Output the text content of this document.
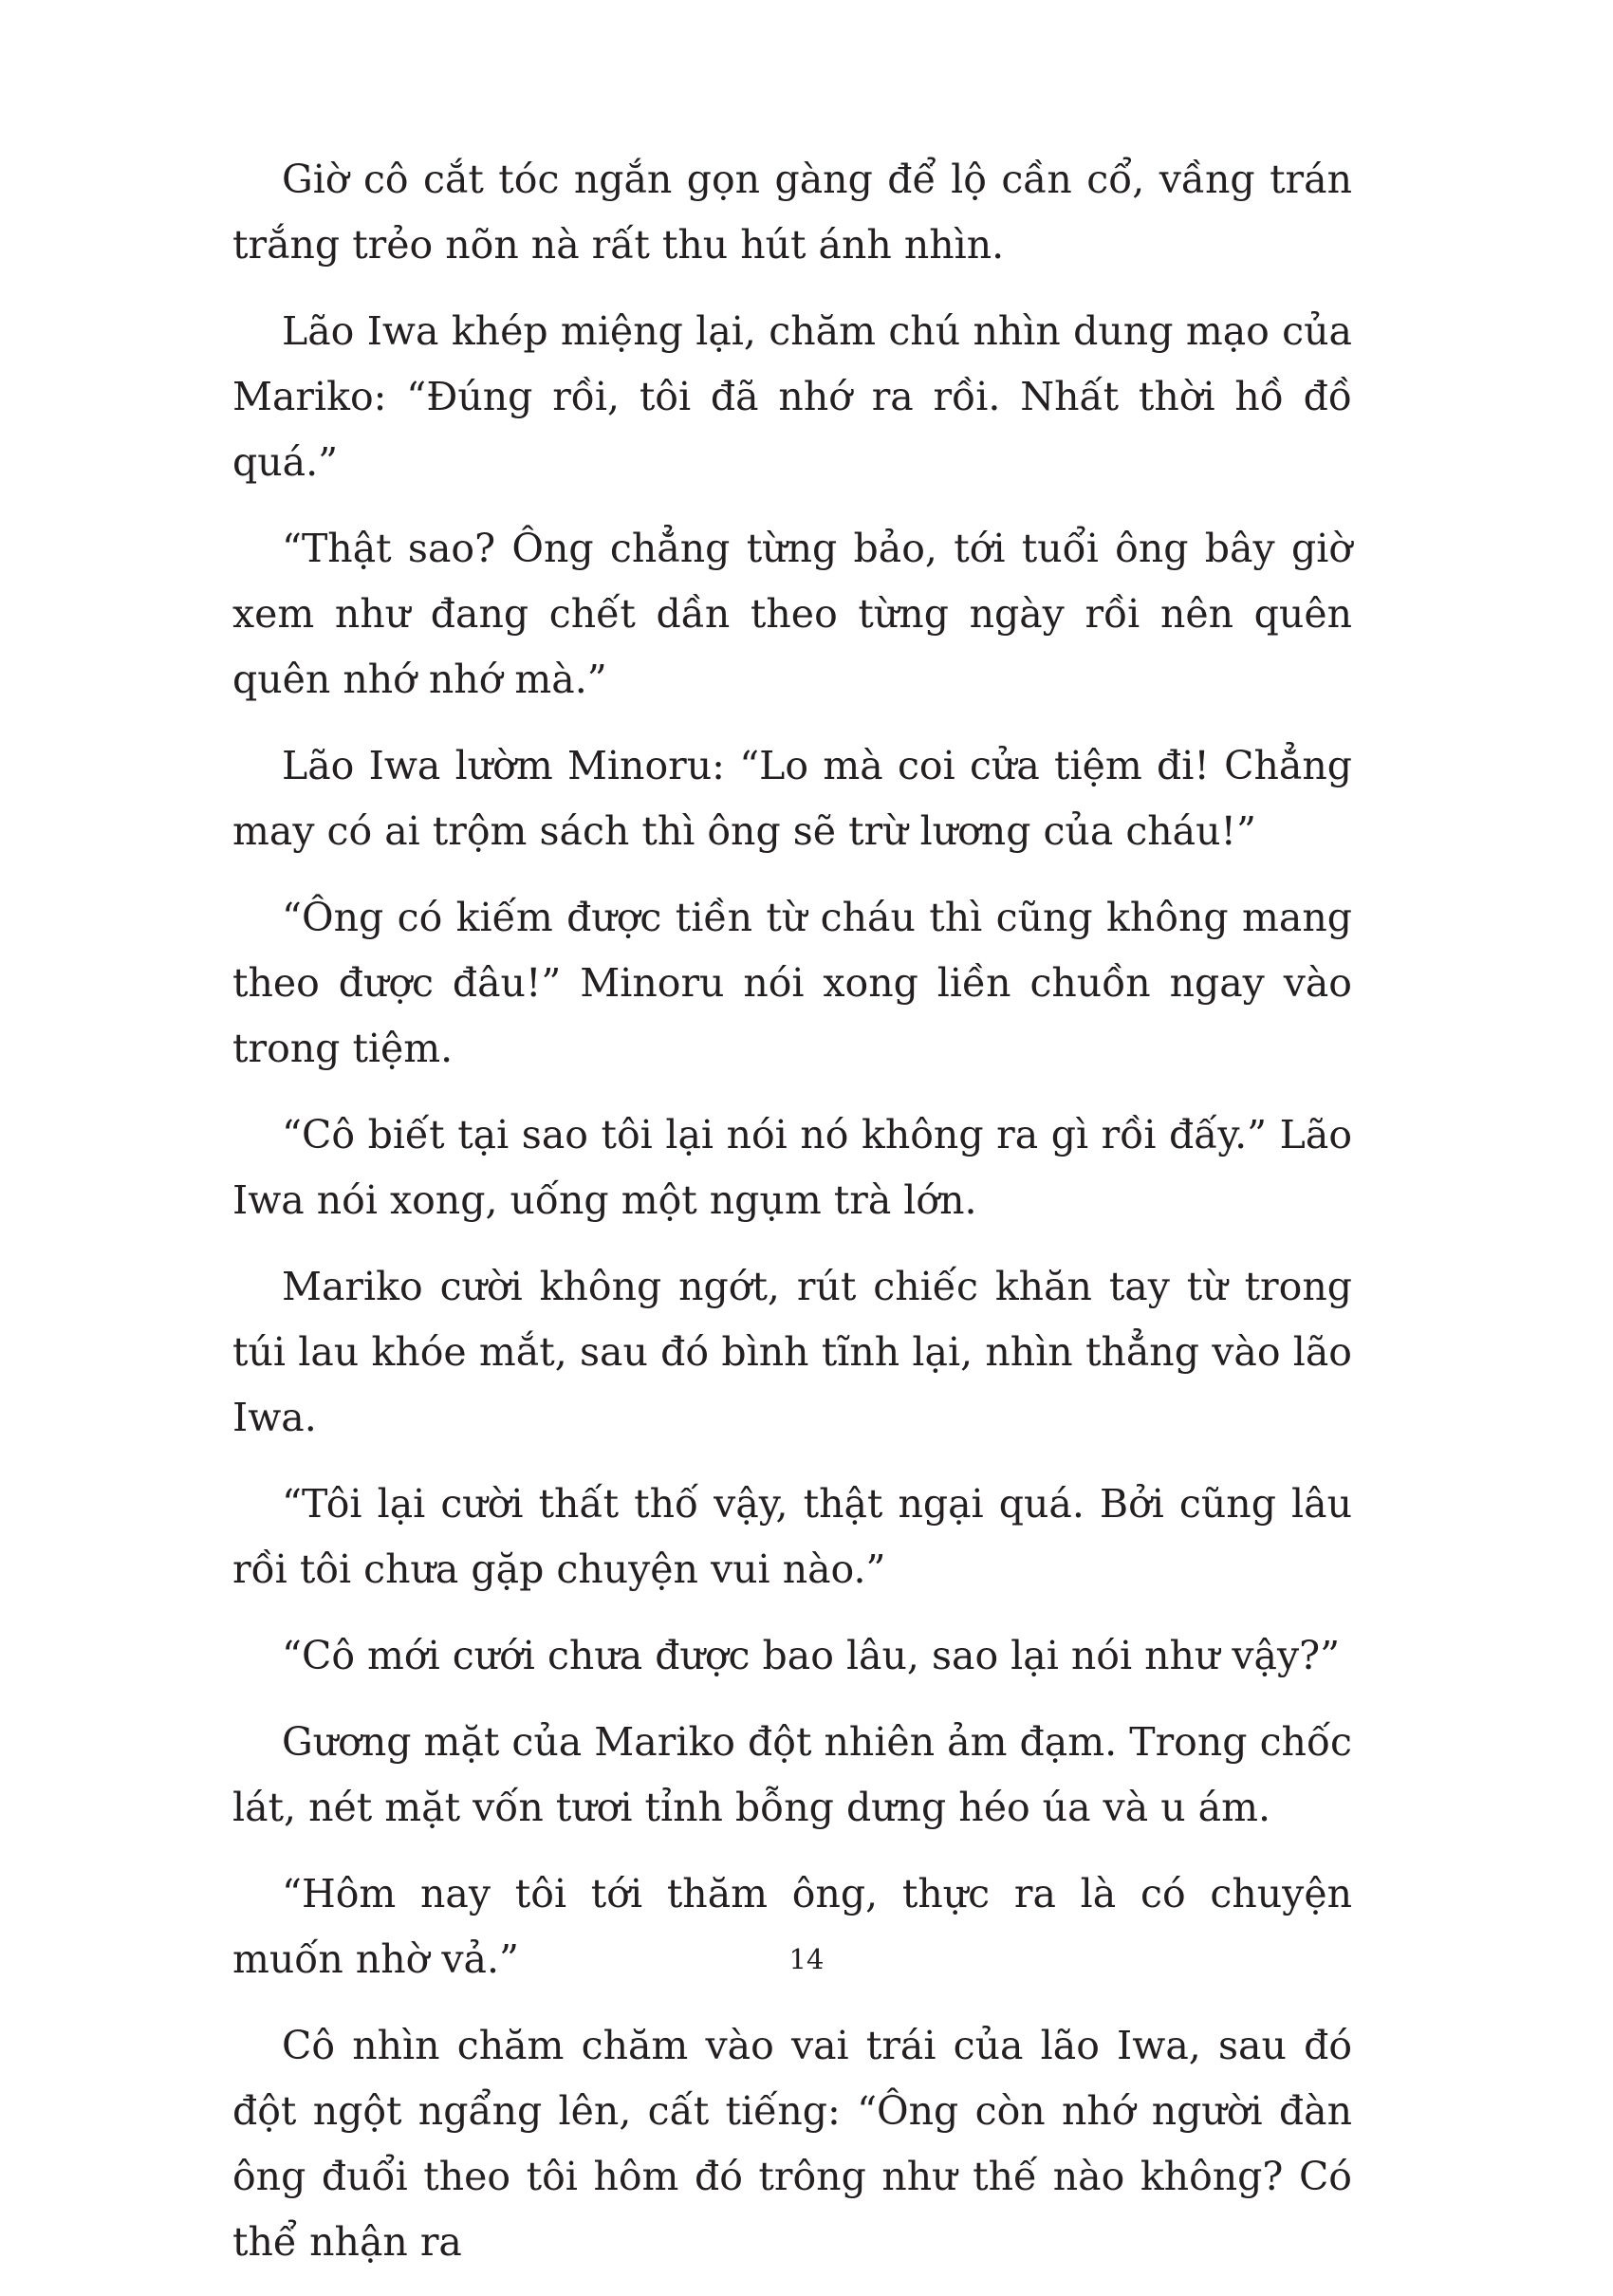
Giờ cô cắt tóc ngắn gọn gàng để lộ cần cổ, vầng trán trắng trẻo nõn nà rất thu hút ánh nhìn.

Lão Iwa khép miệng lại, chăm chú nhìn dung mạo của Mariko: “Đúng rồi, tôi đã nhớ ra rồi. Nhất thời hồ đồ quá.”

“Thật sao? Ông chẳng từng bảo, tới tuổi ông bây giờ xem như đang chết dần theo từng ngày rồi nên quên quên nhớ nhớ mà.”

Lão Iwa lườm Minoru: “Lo mà coi cửa tiệm đi! Chẳng may có ai trộm sách thì ông sẽ trừ lương của cháu!”

“Ông có kiếm được tiền từ cháu thì cũng không mang theo được đâu!” Minoru nói xong liền chuồn ngay vào trong tiệm.

“Cô biết tại sao tôi lại nói nó không ra gì rồi đấy.” Lão Iwa nói xong, uống một ngụm trà lớn.

Mariko cười không ngớt, rút chiếc khăn tay từ trong túi lau khóe mắt, sau đó bình tĩnh lại, nhìn thẳng vào lão Iwa.

“Tôi lại cười thất thố vậy, thật ngại quá. Bởi cũng lâu rồi tôi chưa gặp chuyện vui nào.”

“Cô mới cưới chưa được bao lâu, sao lại nói như vậy?”

Gương mặt của Mariko đột nhiên ảm đạm. Trong chốc lát, nét mặt vốn tươi tỉnh bỗng dưng héo úa và u ám.

“Hôm nay tôi tới thăm ông, thực ra là có chuyện muốn nhờ vả.”

Cô nhìn chăm chăm vào vai trái của lão Iwa, sau đó đột ngột ngẩng lên, cất tiếng: “Ông còn nhớ người đàn ông đuổi theo tôi hôm đó trông như thế nào không? Có thể nhận ra

14
